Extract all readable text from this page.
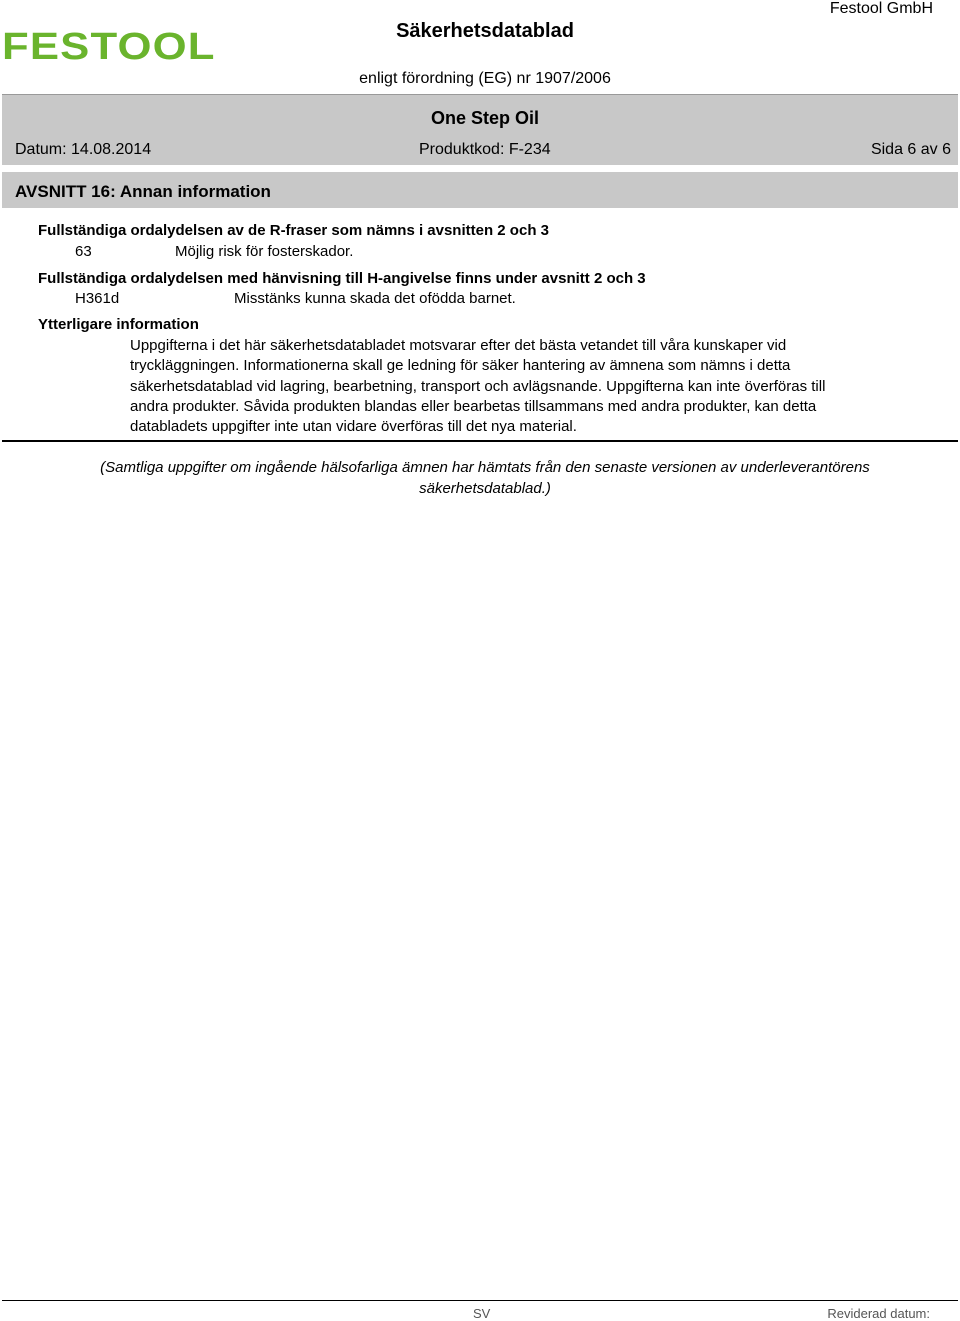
FESTOOL	Säkerhetsdatablad
Festool GmbH
enligt förordning (EG) nr 1907/2006
One Step Oil
Datum: 14.08.2014	Produktkod: F-234	Sida 6 av 6
AVSNITT 16: Annan information
Fullständiga ordalydelsen av de R-fraser som nämns i avsnitten 2 och 3
63	Möjlig risk för fosterskador.
Fullständiga ordalydelsen med hänvisning till H-angivelse finns under avsnitt 2 och 3
H361d	Misstänks kunna skada det ofödda barnet.
Ytterligare information
Uppgifterna i det här säkerhetsdatabladet motsvarar efter det bästa vetandet till våra kunskaper vid tryckläggningen. Informationerna skall ge ledning för säker hantering av ämnena som nämns i detta säkerhetsdatablad vid lagring, bearbetning, transport och avlägsnande. Uppgifterna kan inte överföras till andra produkter. Såvida produkten blandas eller bearbetas tillsammans med andra produkter, kan detta databladets uppgifter inte utan vidare överföras till det nya material.
(Samtliga uppgifter om ingående hälsofarliga ämnen har hämtats från den senaste versionen av underleverantörens säkerhetsdatablad.)
SV	Reviderad datum:
